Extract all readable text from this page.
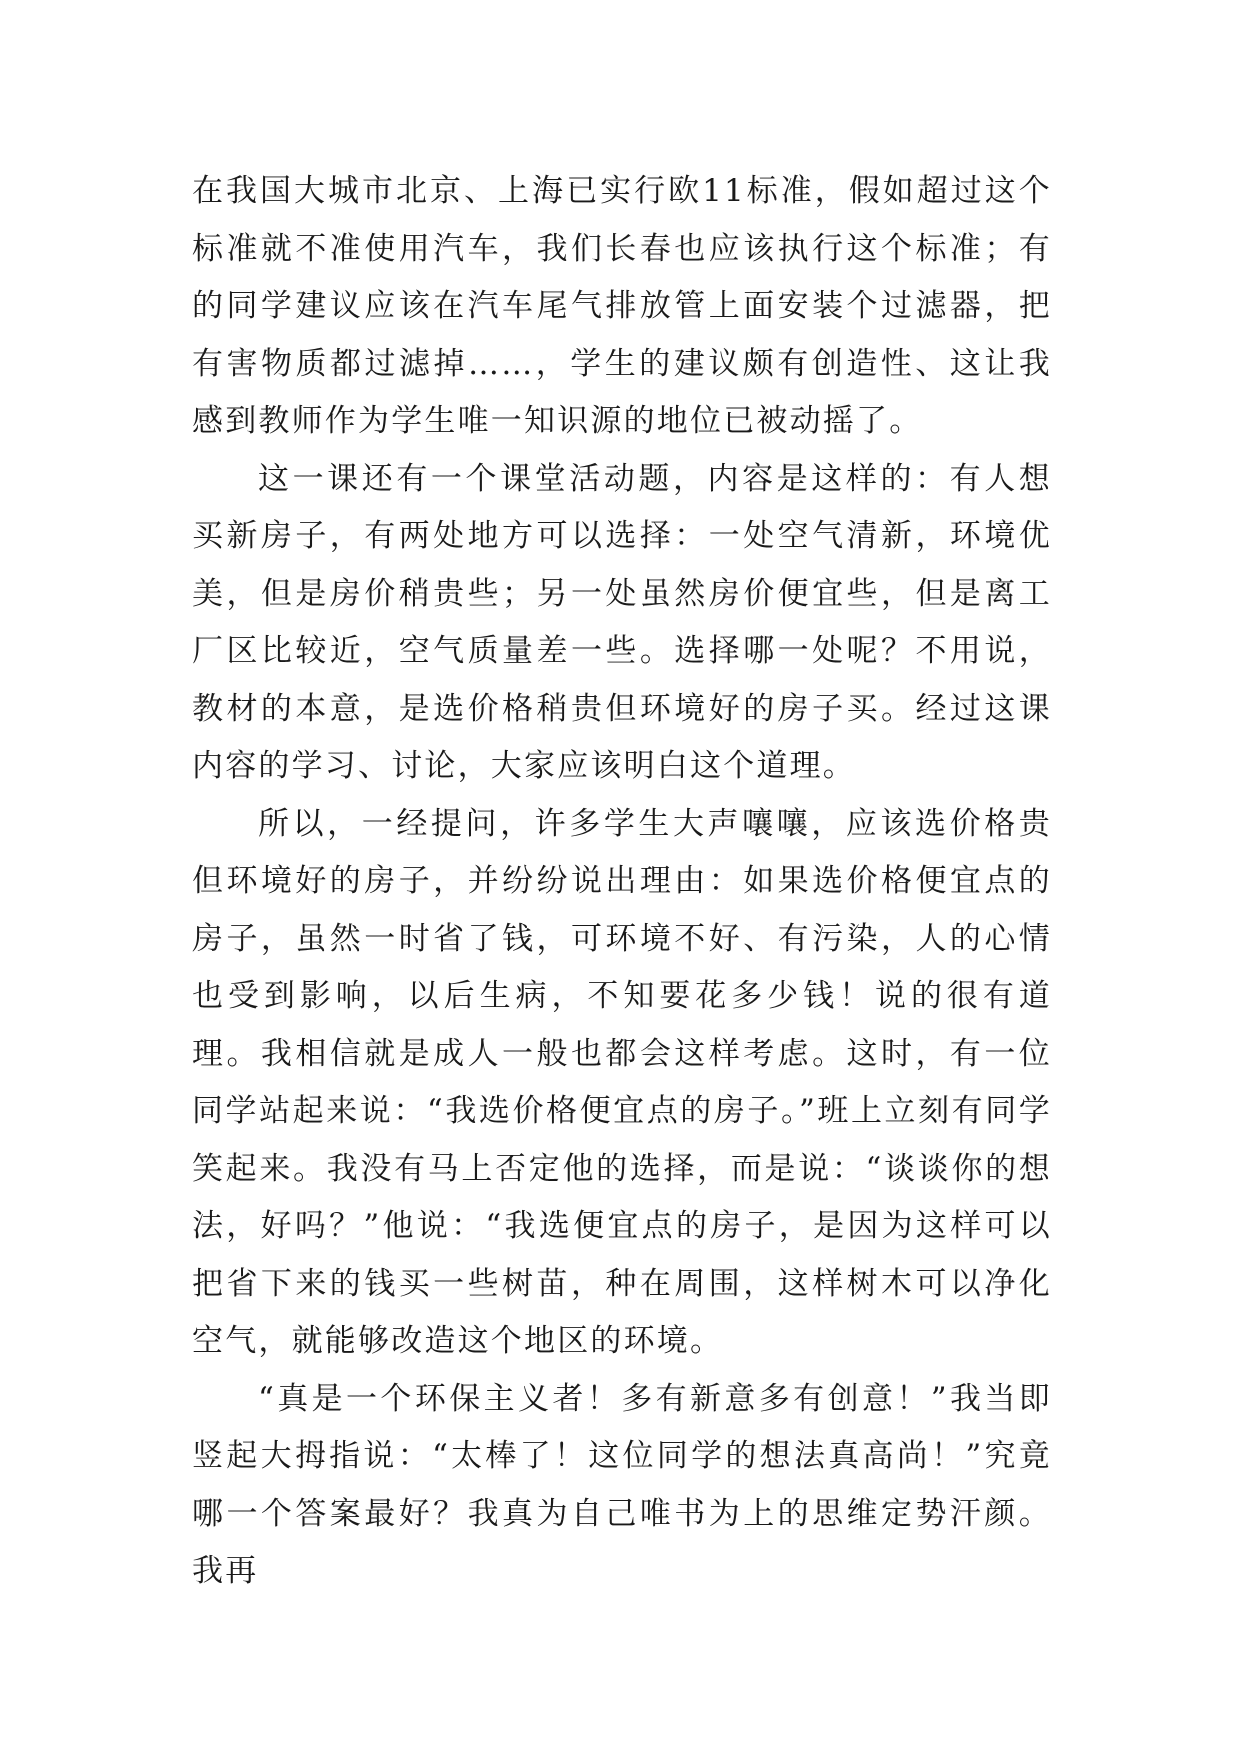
在我国大城市北京、上海已实行欧11标准，假如超过这个标准就不准使用汽车，我们长春也应该执行这个标准；有的同学建议应该在汽车尾气排放管上面安装个过滤器，把有害物质都过滤掉……，学生的建议颇有创造性、这让我感到教师作为学生唯一知识源的地位已被动摇了。

这一课还有一个课堂活动题，内容是这样的：有人想买新房子，有两处地方可以选择：一处空气清新，环境优美，但是房价稍贵些；另一处虽然房价便宜些，但是离工厂区比较近，空气质量差一些。选择哪一处呢？不用说，教材的本意，是选价格稍贵但环境好的房子买。经过这课内容的学习、讨论，大家应该明白这个道理。

所以，一经提问，许多学生大声嚷嚷，应该选价格贵但环境好的房子，并纷纷说出理由：如果选价格便宜点的房子，虽然一时省了钱，可环境不好、有污染，人的心情也受到影响，以后生病，不知要花多少钱！说的很有道理。我相信就是成人一般也都会这样考虑。这时，有一位同学站起来说：“我选价格便宜点的房子。”班上立刻有同学笑起来。我没有马上否定他的选择，而是说：“谈谈你的想法，好吗？”他说：“我选便宜点的房子，是因为这样可以把省下来的钱买一些树苗，种在周围，这样树木可以净化空气，就能够改造这个地区的环境。

“真是一个环保主义者！多有新意多有创意！”我当即竖起大拇指说：“太棒了！这位同学的想法真高尚！”究竟哪一个答案最好？我真为自己唯书为上的思维定势汗颜。我再
